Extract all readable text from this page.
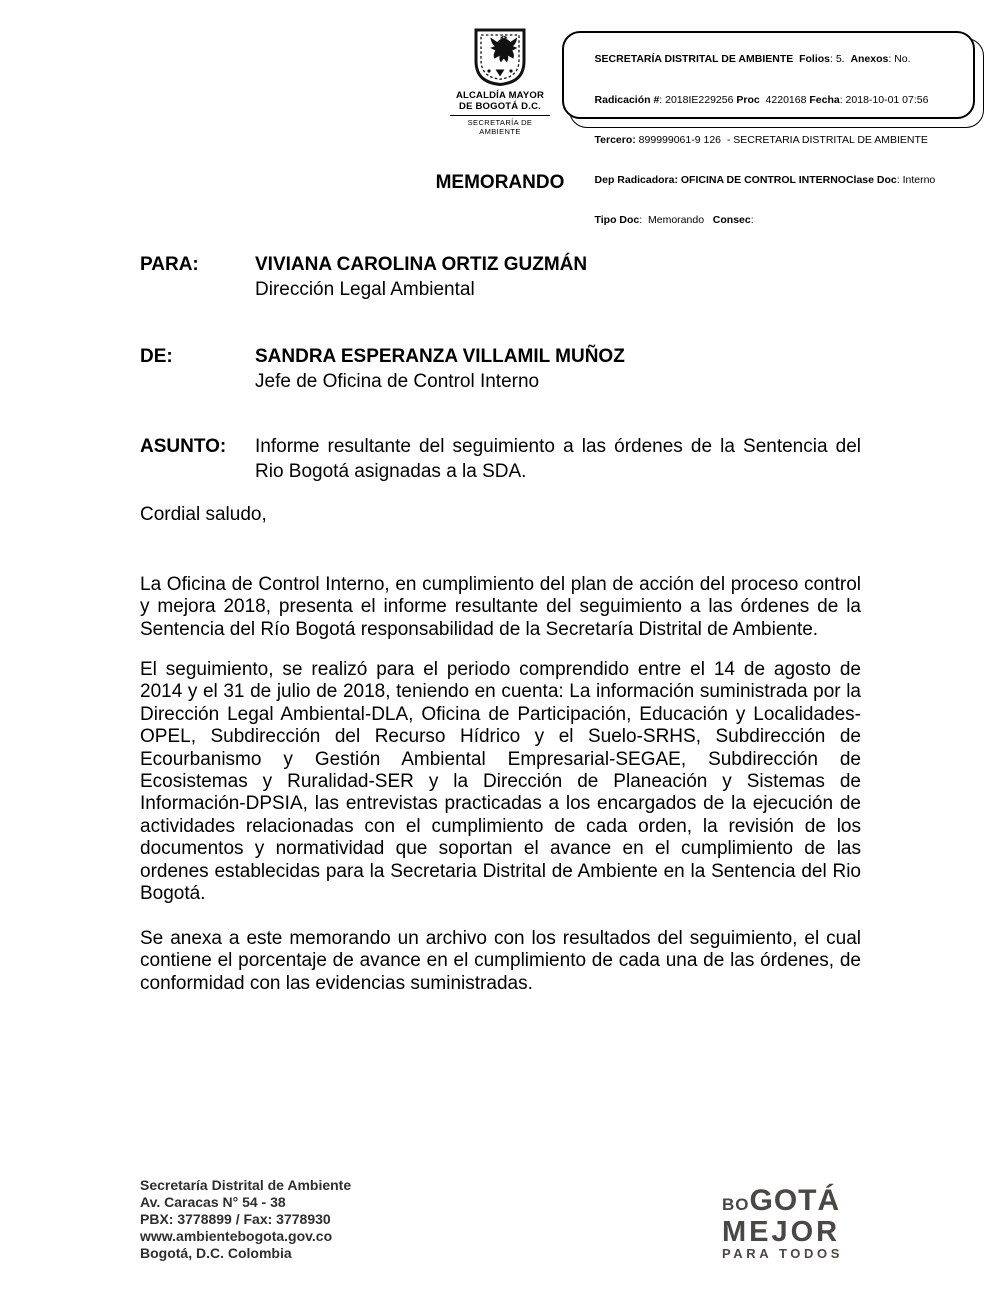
ALCALDÍA MAYOR
DE BOGOTÁ D.C.
SECRETARÍA DE AMBIENTE

SECRETARÍA DISTRITAL DE AMBIENTE  Folios: 5.  Anexos: No.

Radicación #: 2018IE229256 Proc  4220168 Fecha: 2018-10-01 07:56

Tercero: 899999061-9 126  - SECRETARIA DISTRITAL DE AMBIENTE

Dep Radicadora: OFICINA DE CONTROL INTERNOClase Doc: Interno

Tipo Doc:  Memorando   Consec:

MEMORANDO
PARA:	VIVIANA CAROLINA ORTIZ GUZMÁN
Dirección Legal Ambiental
DE:	SANDRA ESPERANZA VILLAMIL MUÑOZ
Jefe de Oficina de Control Interno
ASUNTO:	Informe resultante del seguimiento a las órdenes de la Sentencia del Rio Bogotá asignadas a la SDA.
Cordial saludo,

La Oficina de Control Interno, en cumplimiento del plan de acción del proceso control y mejora 2018, presenta el informe resultante del seguimiento a las órdenes de la Sentencia del Río Bogotá responsabilidad de la Secretaría Distrital de Ambiente.

El seguimiento, se realizó para el periodo comprendido entre el 14 de agosto de 2014 y el 31 de julio de 2018, teniendo en cuenta: La información suministrada por la Dirección Legal Ambiental-DLA, Oficina de Participación, Educación y Localidades-OPEL, Subdirección del Recurso Hídrico y el Suelo-SRHS, Subdirección de Ecourbanismo y Gestión Ambiental Empresarial-SEGAE, Subdirección de Ecosistemas y Ruralidad-SER y la Dirección de Planeación y Sistemas de Información-DPSIA, las entrevistas practicadas a los encargados de la ejecución de actividades relacionadas con el cumplimiento de cada orden, la revisión de los documentos y normatividad que soportan el avance en el cumplimiento de las ordenes establecidas para la Secretaria Distrital de Ambiente en la Sentencia del Rio Bogotá.

Se anexa a este memorando un archivo con los resultados del seguimiento, el cual contiene el porcentaje de avance en el cumplimiento de cada una de las órdenes, de conformidad con las evidencias suministradas.

Secretaría Distrital de Ambiente
Av. Caracas N° 54 - 38
PBX: 3778899 / Fax: 3778930
www.ambientebogota.gov.co
Bogotá, D.C. Colombia
BOGOTÁ
MEJOR
PARA TODOS
